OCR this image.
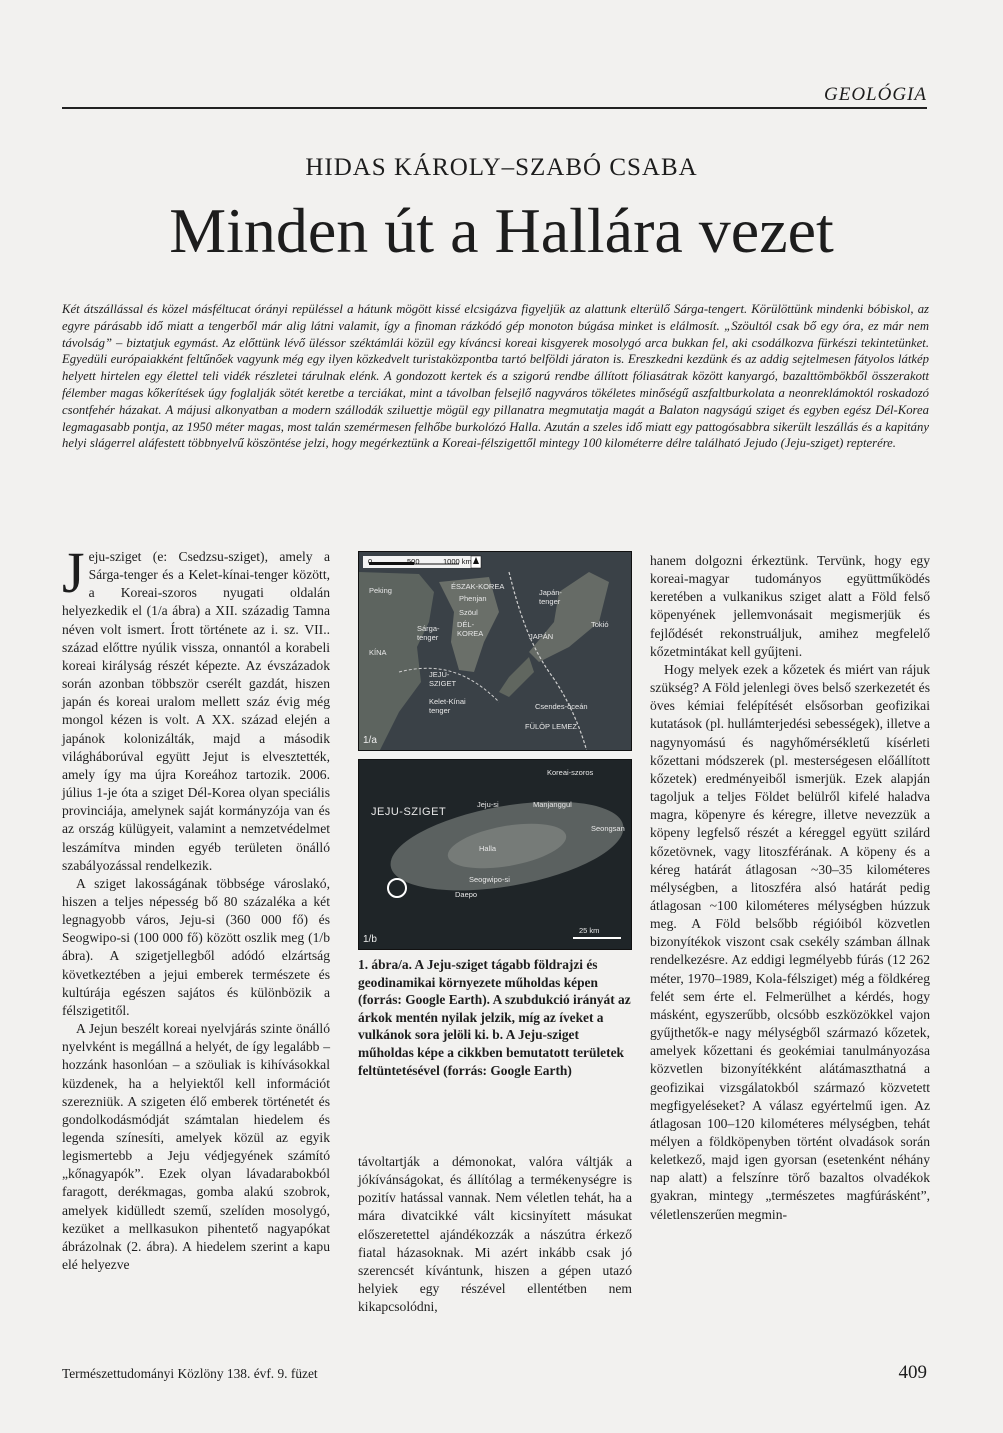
GEOLÓGIA
HIDAS KÁROLY–SZABÓ CSABA
Minden út a Hallára vezet
Két átszállással és közel másféltucat órányi repüléssel a hátunk mögött kissé elcsigázva figyeljük az alattunk elterülő Sárga-tengert. Körülöttünk mindenki bóbiskol, az egyre párásabb idő miatt a tengerből már alig látni valamit, így a finoman rázkódó gép monoton búgása minket is elálmosít. „Szöultól csak bő egy óra, ez már nem távolság” – biztatjuk egymást. Az előttünk lévő üléssor széktámlái közül egy kíváncsi koreai kisgyerek mosolygó arca bukkan fel, aki csodálkozva fürkészi tekintetünket. Egyedüli európaiakként feltűnőek vagyunk még egy ilyen közkedvelt turistaközpontba tartó belföldi járaton is. Ereszkedni kezdünk és az addig sejtelmesen fátyolos látkép helyett hirtelen egy élettel teli vidék részletei tárulnak elénk. A gondozott kertek és a szigorú rendbe állított fóliasátrak között kanyargó, bazalttömbökből összerakott félember magas kőkerítések úgy foglalják sötét keretbe a terciákat, mint a távolban felsejlő nagyváros tökéletes minőségű aszfaltburkolata a neonreklámoktól roskadozó csontfehér házakat. A májusi alkonyatban a modern szállodák sziluettje mögül egy pillanatra megmutatja magát a Balaton nagyságú sziget és egyben egész Dél-Korea legmagasabb pontja, az 1950 méter magas, most talán szemérmesen felhőbe burkolózó Halla. Azután a szeles idő miatt egy pattogósabbra sikerült leszállás és a kapitány helyi slágerrel aláfestett többnyelvű köszöntése jelzi, hogy megérkeztünk a Koreai-félszigettől mintegy 100 kilométerre délre található Jejudo (Jeju-sziget) repterére.

Jeju-sziget (e: Csedzsu-sziget), amely a Sárga-tenger és a Kelet-kínai-tenger között, a Koreai-szoros nyugati oldalán helyezkedik el (1/a ábra) a XII. századig Tamna néven volt ismert. Írott története az i. sz. VII.. század előttre nyúlik vissza, onnantól a korabeli koreai királyság részét képezte. Az évszázadok során azonban többször cserélt gazdát, hiszen japán és koreai uralom mellett száz évig még mongol kézen is volt. A XX. század elején a japánok kolonizálták, majd a második világháborúval együtt Jejut is elvesztették, amely így ma újra Koreához tartozik. 2006. július 1-je óta a sziget Dél-Korea olyan speciális provinciája, amelynek saját kormányzója van és az ország külügyeit, valamint a nemzetvédelmet leszámítva minden egyéb területen önálló szabályozással rendelkezik.

A sziget lakosságának többsége városlakó, hiszen a teljes népesség bő 80 százaléka a két legnagyobb város, Jeju-si (360 000 fő) és Seogwipo-si (100 000 fő) között oszlik meg (1/b ábra). A szigetjellegből adódó elzártság következtében a jejui emberek természete és kultúrája egészen sajátos és különbözik a félszigetitől.

A Jejun beszélt koreai nyelvjárás szinte önálló nyelvként is megállná a helyét, de így legalább – hozzánk hasonlóan – a szöuliak is kihívásokkal küzdenek, ha a helyiektől kell információt szerezniük. A szigeten élő emberek történetét és gondolkodásmódját számtalan hiedelem és legenda színesíti, amelyek közül az egyik legismertebb a Jeju védjegyének számító „kőnagyapók”. Ezek olyan lávadarabokból faragott, derékmagas, gomba alakú szobrok, amelyek kidülledt szemű, szelíden mosolygó, kezüket a mellkasukon pihentető nagyapókat ábrázolnak (2. ábra). A hiedelem szerint a kapu elé helyezve

0	500	1000 km
Peking	ÉSZAK-KOREA
Phenjan
Szöul
DÉL-KOREA
Sárga-tenger
KÍNA
JEJU-SZIGET
Kelet-Kínai tenger
JAPÁN
Japán-tenger
Tokió
Csendes-óceán
FÜLÖP LEMEZ
1/a
JEJU-SZIGET
Koreai-szoros
Jeju-si	Manjanggul
Seongsan
Halla
Seogwipo-si
Daepo
25 km
1/b
1. ábra/a. A Jeju-sziget tágabb földrajzi és geodinamikai környezete műholdas képen (forrás: Google Earth). A szubdukció irányát az árkok mentén nyilak jelzik, míg az íveket a vulkánok sora jelöli ki. b. A Jeju-sziget műholdas képe a cikkben bemutatott területek feltüntetésével (forrás: Google Earth)

távoltartják a démonokat, valóra váltják a jókívánságokat, és állítólag a termékenységre is pozitív hatással vannak. Nem véletlen tehát, ha a mára divatcikké vált kicsinyített másukat előszeretettel ajándékozzák a nászútra érkező fiatal házasoknak. Mi azért inkább csak jó szerencsét kívántunk, hiszen a gépen utazó helyiek egy részével ellentétben nem kikapcsolódni,

hanem dolgozni érkeztünk. Tervünk, hogy egy koreai-magyar tudományos együttműködés keretében a vulkanikus sziget alatt a Föld felső köpenyének jellemvonásait megismerjük és fejlődését rekonstruáljuk, amihez megfelelő kőzetmintákat kell gyűjteni.

Hogy melyek ezek a kőzetek és miért van rájuk szükség? A Föld jelenlegi öves belső szerkezetét és öves kémiai felépítését elsősorban geofizikai kutatások (pl. hullámterjedési sebességek), illetve a nagynyomású és nagyhőmérsékletű kísérleti kőzettani módszerek (pl. mesterségesen előállított kőzetek) eredményeiből ismerjük. Ezek alapján tagoljuk a teljes Földet belülről kifelé haladva magra, köpenyre és kéregre, illetve nevezzük a köpeny legfelső részét a kéreggel együtt szilárd kőzetövnek, vagy litoszférának. A köpeny és a kéreg határát átlagosan ~30–35 kilométeres mélységben, a litoszféra alsó határát pedig átlagosan ~100 kilométeres mélységben húzzuk meg. A Föld belsőbb régióiból közvetlen bizonyítékok viszont csak csekély számban állnak rendelkezésre. Az eddigi legmélyebb fúrás (12 262 méter, 1970–1989, Kola-félsziget) még a földkéreg felét sem érte el. Felmerülhet a kérdés, hogy másként, egyszerűbb, olcsóbb eszközökkel vajon gyűjthetők-e nagy mélységből származó kőzetek, amelyek kőzettani és geokémiai tanulmányozása közvetlen bizonyítékként alátámaszthatná a geofizikai vizsgálatokból származó közvetett megfigyeléseket? A válasz egyértelmű igen. Az átlagosan 100–120 kilométeres mélységben, tehát mélyen a földköpenyben történt olvadások során keletkező, majd igen gyorsan (esetenként néhány nap alatt) a felszínre törő bazaltos olvadékok gyakran, mintegy „természetes magfúrásként”, véletlenszerűen megmin-

Természettudományi Közlöny 138. évf. 9. füzet	409
